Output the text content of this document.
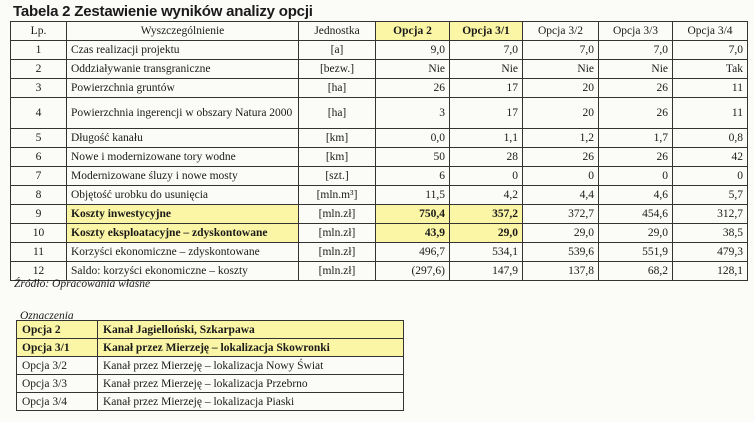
Tabela 2 Zestawienie wyników analizy opcji
Lp.	Wyszczególnienie	Jednostka	Opcja 2	Opcja 3/1	Opcja 3/2	Opcja 3/3	Opcja 3/4
1	Czas realizacji projektu	[a]	9,0	7,0	7,0	7,0	7,0
2	Oddziaływanie transgraniczne	[bezw.]	Nie	Nie	Nie	Nie	Tak
3	Powierzchnia gruntów	[ha]	26	17	20	26	11
4	Powierzchnia ingerencji w obszary Natura 2000	[ha]	3	17	20	26	11
5	Długość kanału	[km]	0,0	1,1	1,2	1,7	0,8
6	Nowe i modernizowane tory wodne	[km]	50	28	26	26	42
7	Modernizowane śluzy i nowe mosty	[szt.]	6	0	0	0	0
8	Objętość urobku do usunięcia	[mln.m³]	11,5	4,2	4,4	4,6	5,7
9	Koszty inwestycyjne	[mln.zł]	750,4	357,2	372,7	454,6	312,7
10	Koszty eksploatacyjne – zdyskontowane	[mln.zł]	43,9	29,0	29,0	29,0	38,5
11	Korzyści ekonomiczne – zdyskontowane	[mln.zł]	496,7	534,1	539,6	551,9	479,3
12	Saldo: korzyści ekonomiczne – koszty	[mln.zł]	(297,6)	147,9	137,8	68,2	128,1
Źródło: Opracowania własne
Oznaczenia
Opcja 2	Kanał Jagielloński, Szkarpawa
Opcja 3/1	Kanał przez Mierzeję – lokalizacja Skowronki
Opcja 3/2	Kanał przez Mierzeję – lokalizacja Nowy Świat
Opcja 3/3	Kanał przez Mierzeję – lokalizacja Przebrno
Opcja 3/4	Kanał przez Mierzeję – lokalizacja Piaski
